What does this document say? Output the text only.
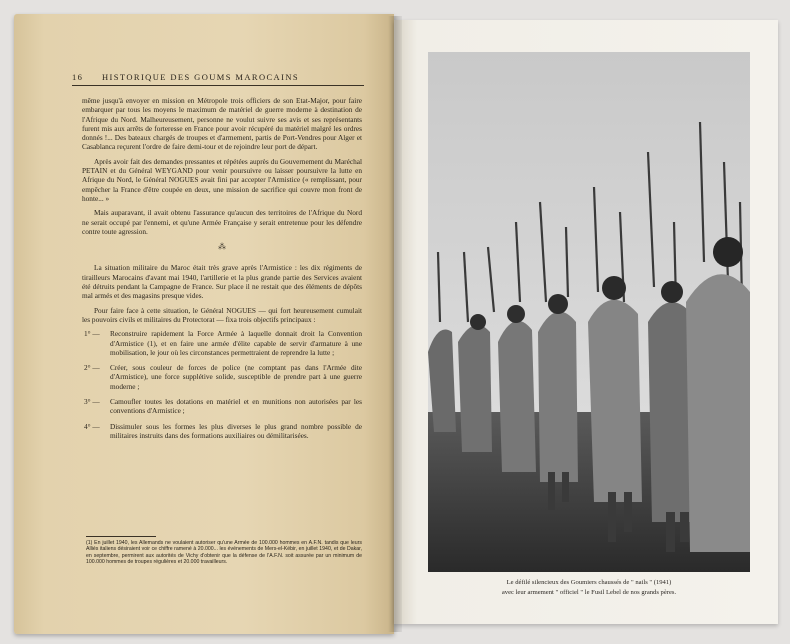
16 HISTORIQUE DES GOUMS MAROCAINS

même jusqu'à envoyer en mission en Métropole trois officiers de son Etat-Major, pour faire embarquer par tous les moyens le maximum de matériel de guerre moderne à destination de l'Afrique du Nord. Malheureusement, personne ne voulut suivre ses avis et ses représentants furent mis aux arrêts de forteresse en France pour avoir récupéré du matériel malgré les ordres donnés !... Des bateaux chargés de troupes et d'armement, partis de Port-Vendres pour Alger et Casablanca reçurent l'ordre de faire demi-tour et de rejoindre leur port de départ.

Après avoir fait des demandes pressantes et répétées auprès du Gouvernement du Maréchal PETAIN et du Général WEYGAND pour venir poursuivre ou laisser poursuivre la lutte en Afrique du Nord, le Général NOGUES avait fini par accepter l'Armistice (« remplissant, pour empêcher la France d'être coupée en deux, une mission de sacrifice qui couvre mon front de honte... »

Mais auparavant, il avait obtenu l'assurance qu'aucun des territoires de l'Afrique du Nord ne serait occupé par l'ennemi, et qu'une Armée Française y serait entretenue pour les défendre contre toute agression.

⁂

La situation militaire du Maroc était très grave après l'Armistice : les dix régiments de tirailleurs Marocains d'avant mai 1940, l'artillerie et la plus grande partie des Services avaient été détruits pendant la Campagne de France. Sur place il ne restait que des éléments de dépôts mal armés et des magasins presque vides.

Pour faire face à cette situation, le Général NOGUES — qui fort heureusement cumulait les pouvoirs civils et militaires du Protectorat — fixa trois objectifs principaux :

1° — Reconstruire rapidement la Force Armée à laquelle donnait droit la Convention d'Armistice (1), et en faire une armée d'élite capable de servir d'armature à une mobilisation, le jour où les circonstances permettraient de reprendre la lutte ;
2° — Créer, sous couleur de forces de police (ne comptant pas dans l'Armée dite d'Armistice), une force supplétive solide, susceptible de prendre part à une guerre moderne ;
3° — Camoufler toutes les dotations en matériel et en munitions non autorisées par les conventions d'Armistice ;
4° — Dissimuler sous les formes les plus diverses le plus grand nombre possible de militaires instruits dans des formations auxiliaires ou démilitarisées.
(1) En juillet 1940, les Allemands ne voulaient autoriser qu'une Armée de 100.000 hommes en A.F.N. tandis que leurs Alliés italiens désiraient voir ce chiffre ramené à 20.000... les événements de Mers-el-Kébir, en juillet 1940, et de Dakar, en septembre, permirent aux autorités de Vichy d'obtenir que la défense de l'A.F.N. soit assurée par un minimum de 100.000 hommes de troupes régulières et 20.000 travailleurs.
Le défilé silencieux des Goumiers chaussés de " nails " (1941)
avec leur armement " officiel " le Fusil Lebel de nos grands pères.
